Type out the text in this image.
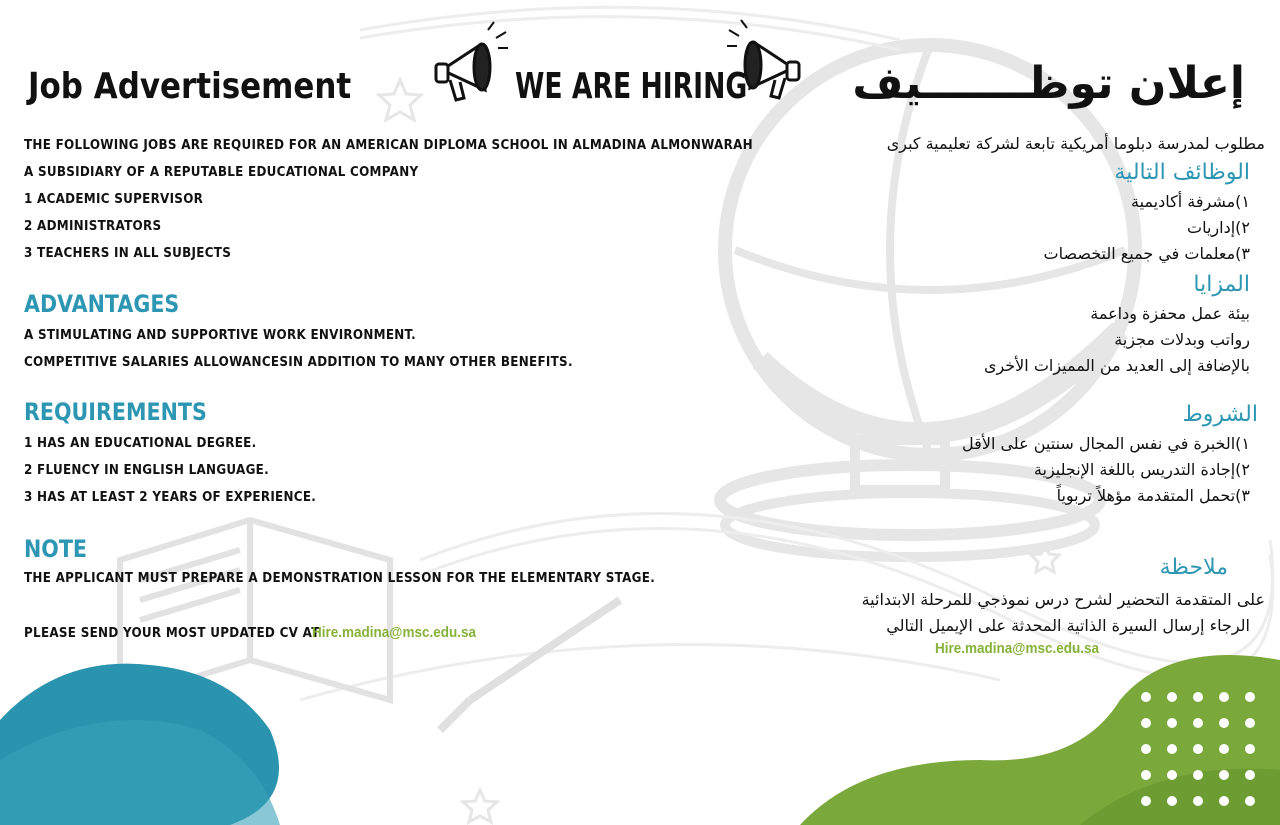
Job Advertisement	WE ARE HIRING إعلان توظـــــــيف
THE FOLLOWING JOBS ARE REQUIRED FOR AN AMERICAN DIPLOMA SCHOOL IN ALMADINA ALMONWARAH
A SUBSIDIARY OF A REPUTABLE EDUCATIONAL COMPANY
1 ACADEMIC SUPERVISOR
2 ADMINISTRATORS
3 TEACHERS IN ALL SUBJECTS
ADVANTAGES
A STIMULATING AND SUPPORTIVE WORK ENVIRONMENT.
COMPETITIVE SALARIES ALLOWANCESIN ADDITION TO MANY OTHER BENEFITS.
REQUIREMENTS
1 HAS AN EDUCATIONAL DEGREE.
2 FLUENCY IN ENGLISH LANGUAGE.
3 HAS AT LEAST 2 YEARS OF EXPERIENCE.
NOTE
THE APPLICANT MUST PREPARE A DEMONSTRATION LESSON FOR THE ELEMENTARY STAGE.
PLEASE SEND YOUR MOST UPDATED CV AT
Hire.madina@msc.edu.sa
مطلوب لمدرسة دبلوما أمريكية تابعة لشركة تعليمية كبرى
الوظائف التالية
١)مشرفة أكاديمية
٢)إداريات
٣)معلمات في جميع التخصصات
المزايا
بيئة عمل محفزة وداعمة
رواتب وبدلات مجزية
بالإضافة إلى العديد من المميزات الأخرى
الشروط
١)الخبرة في نفس المجال سنتين على الأقل
٢)إجادة التدريس باللغة الإنجليزية
٣)تحمل المتقدمة مؤهلاً تربوياً
ملاحظة
على المتقدمة التحضير لشرح درس نموذجي للمرحلة الابتدائية
الرجاء إرسال السيرة الذاتية المحدثة على الإيميل التالي
Hire.madina@msc.edu.sa
